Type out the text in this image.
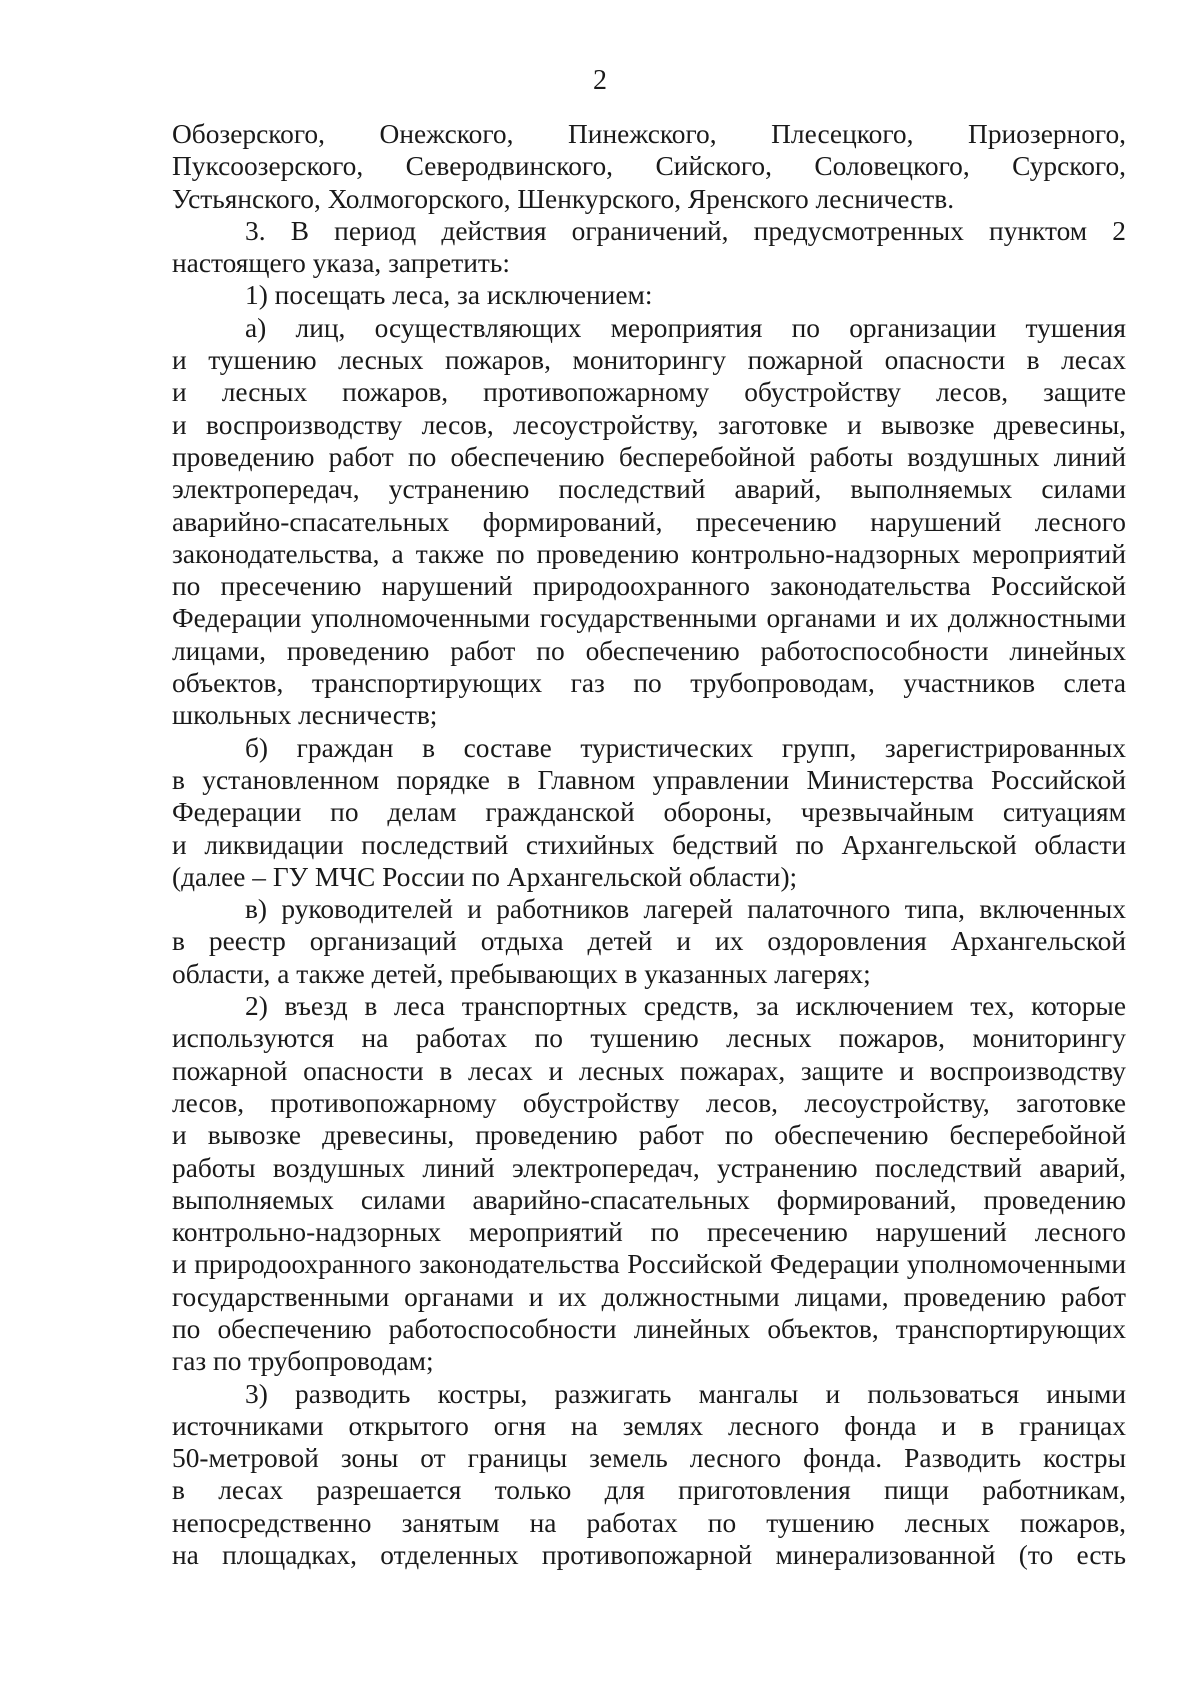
2
Обозерского, Онежского, Пинежского, Плесецкого, Приозерного,
Пуксоозерского, Северодвинского, Сийского, Соловецкого, Сурского,
Устьянского, Холмогорского, Шенкурского, Яренского лесничеств.
3. В период действия ограничений, предусмотренных пунктом 2
настоящего указа, запретить:
1) посещать леса, за исключением:
а) лиц, осуществляющих мероприятия по организации тушения
и тушению лесных пожаров, мониторингу пожарной опасности в лесах
и лесных пожаров, противопожарному обустройству лесов, защите
и воспроизводству лесов, лесоустройству, заготовке и вывозке древесины,
проведению работ по обеспечению бесперебойной работы воздушных линий
электропередач, устранению последствий аварий, выполняемых силами
аварийно-спасательных формирований, пресечению нарушений лесного
законодательства, а также по проведению контрольно-надзорных мероприятий
по пресечению нарушений природоохранного законодательства Российской
Федерации уполномоченными государственными органами и их должностными
лицами, проведению работ по обеспечению работоспособности линейных
объектов, транспортирующих газ по трубопроводам, участников слета
школьных лесничеств;
б) граждан в составе туристических групп, зарегистрированных
в установленном порядке в Главном управлении Министерства Российской
Федерации по делам гражданской обороны, чрезвычайным ситуациям
и ликвидации последствий стихийных бедствий по Архангельской области
(далее – ГУ МЧС России по Архангельской области);
в) руководителей и работников лагерей палаточного типа, включенных
в реестр организаций отдыха детей и их оздоровления Архангельской
области, а также детей, пребывающих в указанных лагерях;
2) въезд в леса транспортных средств, за исключением тех, которые
используются на работах по тушению лесных пожаров, мониторингу
пожарной опасности в лесах и лесных пожарах, защите и воспроизводству
лесов, противопожарному обустройству лесов, лесоустройству, заготовке
и вывозке древесины, проведению работ по обеспечению бесперебойной
работы воздушных линий электропередач, устранению последствий аварий,
выполняемых силами аварийно-спасательных формирований, проведению
контрольно-надзорных мероприятий по пресечению нарушений лесного
и природоохранного законодательства Российской Федерации уполномоченными
государственными органами и их должностными лицами, проведению работ
по обеспечению работоспособности линейных объектов, транспортирующих
газ по трубопроводам;
3) разводить костры, разжигать мангалы и пользоваться иными
источниками открытого огня на землях лесного фонда и в границах
50-метровой зоны от границы земель лесного фонда. Разводить костры
в лесах разрешается только для приготовления пищи работникам,
непосредственно занятым на работах по тушению лесных пожаров,
на площадках, отделенных противопожарной минерализованной (то есть
